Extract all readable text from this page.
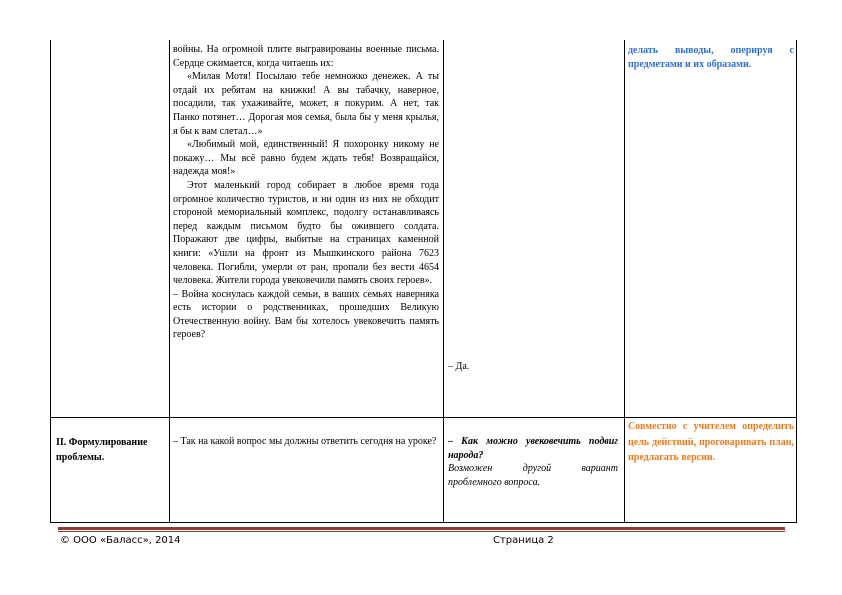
войны. На огромной плите выгравированы военные письма. Сердце сжимается, когда читаешь их:

«Милая Мотя! Посылаю тебе немножко денежек. А ты отдай их ребятам на книжки! А вы табачку, наверное, посадили, так ухаживайте, может, я покурим. А нет, так Панко потянет… Дорогая моя семья, была бы у меня крылья, я бы к вам слетал…»

«Любимый мой, единственный! Я похоронку никому не покажу… Мы всё равно будем ждать тебя! Возвращайся, надежда моя!»

Этот маленький город собирает в любое время года огромное количество туристов, и ни один из них не обходит стороной мемориальный комплекс, подолгу останавливаясь перед каждым письмом будто бы ожившего солдата. Поражают две цифры, выбитые на страницах каменной книги: «Ушли на фронт из Мышкинского района 7623 человека. Погибли, умерли от ран, пропали без вести 4654 человека. Жители города увековечили память своих героев».

– Война коснулась каждой семьи, в ваших семьях наверняка есть истории о родственниках, прошедших Великую Отечественную войну. Вам бы хотелось увековечить память героев?

– Да.
делать выводы, оперируя с предметами и их образами.
II. Формулирование проблемы.
– Так на какой вопрос мы должны ответить сегодня на уроке? – Как можно увековечить подвиг народа?

Возможен другой вариант проблемного вопроса.

Совместно с учителем определить цель действий, проговаривать план, предлагать версии.
© ООО «Баласс», 2014	Страница 2
